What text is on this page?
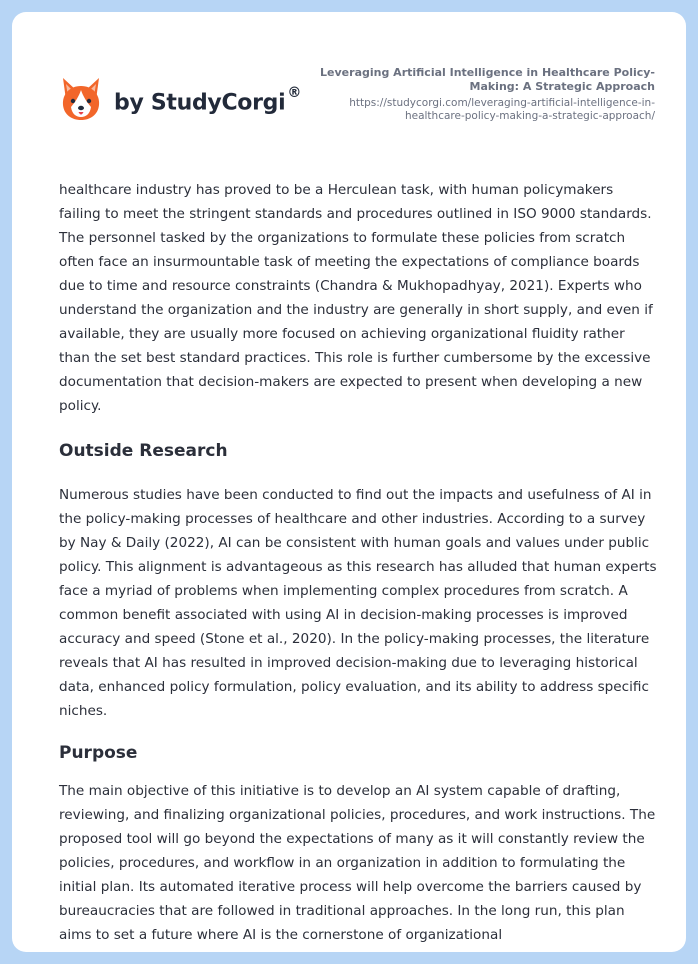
by StudyCorgi ®
Leveraging Artificial Intelligence in Healthcare Policy-Making: A Strategic Approach
https://studycorgi.com/leveraging-artificial-intelligence-in-healthcare-policy-making-a-strategic-approach/

healthcare industry has proved to be a Herculean task, with human policymakers failing to meet the stringent standards and procedures outlined in ISO 9000 standards. The personnel tasked by the organizations to formulate these policies from scratch often face an insurmountable task of meeting the expectations of compliance boards due to time and resource constraints (Chandra & Mukhopadhyay, 2021). Experts who understand the organization and the industry are generally in short supply, and even if available, they are usually more focused on achieving organizational fluidity rather than the set best standard practices. This role is further cumbersome by the excessive documentation that decision-makers are expected to present when developing a new policy.

Outside Research

Numerous studies have been conducted to find out the impacts and usefulness of AI in the policy-making processes of healthcare and other industries. According to a survey by Nay & Daily (2022), AI can be consistent with human goals and values under public policy. This alignment is advantageous as this research has alluded that human experts face a myriad of problems when implementing complex procedures from scratch. A common benefit associated with using AI in decision-making processes is improved accuracy and speed (Stone et al., 2020). In the policy-making processes, the literature reveals that AI has resulted in improved decision-making due to leveraging historical data, enhanced policy formulation, policy evaluation, and its ability to address specific niches.

Purpose

The main objective of this initiative is to develop an AI system capable of drafting, reviewing, and finalizing organizational policies, procedures, and work instructions. The proposed tool will go beyond the expectations of many as it will constantly review the policies, procedures, and workflow in an organization in addition to formulating the initial plan. Its automated iterative process will help overcome the barriers caused by bureaucracies that are followed in traditional approaches. In the long run, this plan aims to set a future where AI is the cornerstone of organizational
